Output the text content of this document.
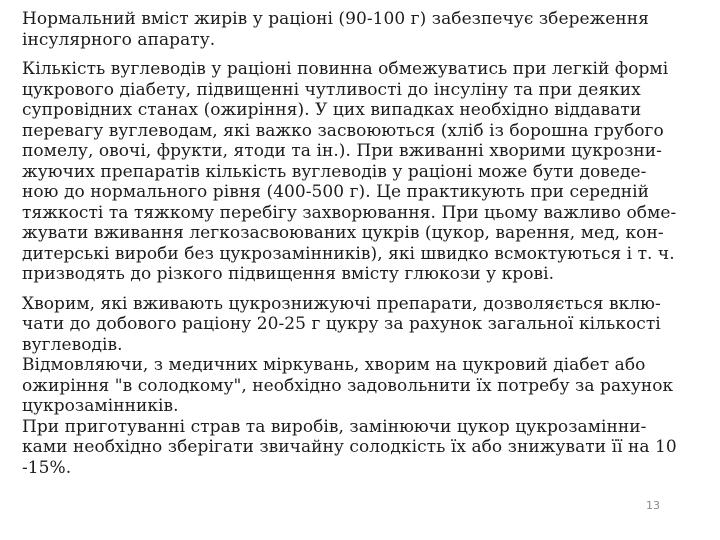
Нормальний вміст жирів у раціоні (90-100 г) забезпечує збереження
інсулярного апарату.

Кількість вуглеводів у раціоні повинна обмежуватись при легкій формі
цукрового діабету, підвищенні чутливості до інсуліну та при деяких
супровідних станах (ожиріння). У цих випадках необхідно віддавати
перевагу вуглеводам, які важко засвоюються (хліб із борошна грубого
помелу, овочі, фрукти, ятоди та ін.). При вживанні хворими цукрозни-
жуючих препаратів кількість вуглеводів у раціоні може бути доведе-
ною до нормального рівня (400-500 г). Це практикують при середній
тяжкості та тяжкому перебігу захворювання. При цьому важливо обме-
жувати вживання легкозасвоюваних цукрів (цукор, варення, мед, кон-
дитерські вироби без цукрозамінників), які швидко всмоктуються і т. ч.
призводять до різкого підвищення вмісту глюкози у крові.

Хворим, які вживають цукрознижуючі препарати, дозволяється вклю-
чати до добового раціону 20-25 г цукру за рахунок загальної кількості
вуглеводів.
Відмовляючи, з медичних міркувань, хворим на цукровий діабет або
ожиріння "в солодкому", необхідно задовольнити їх потребу за рахунок
цукрозамінників.
При приготуванні страв та виробів, замінюючи цукор цукрозамінни-
ками необхідно зберігати звичайну солодкість їх або знижувати її на 10
-15%.

13
